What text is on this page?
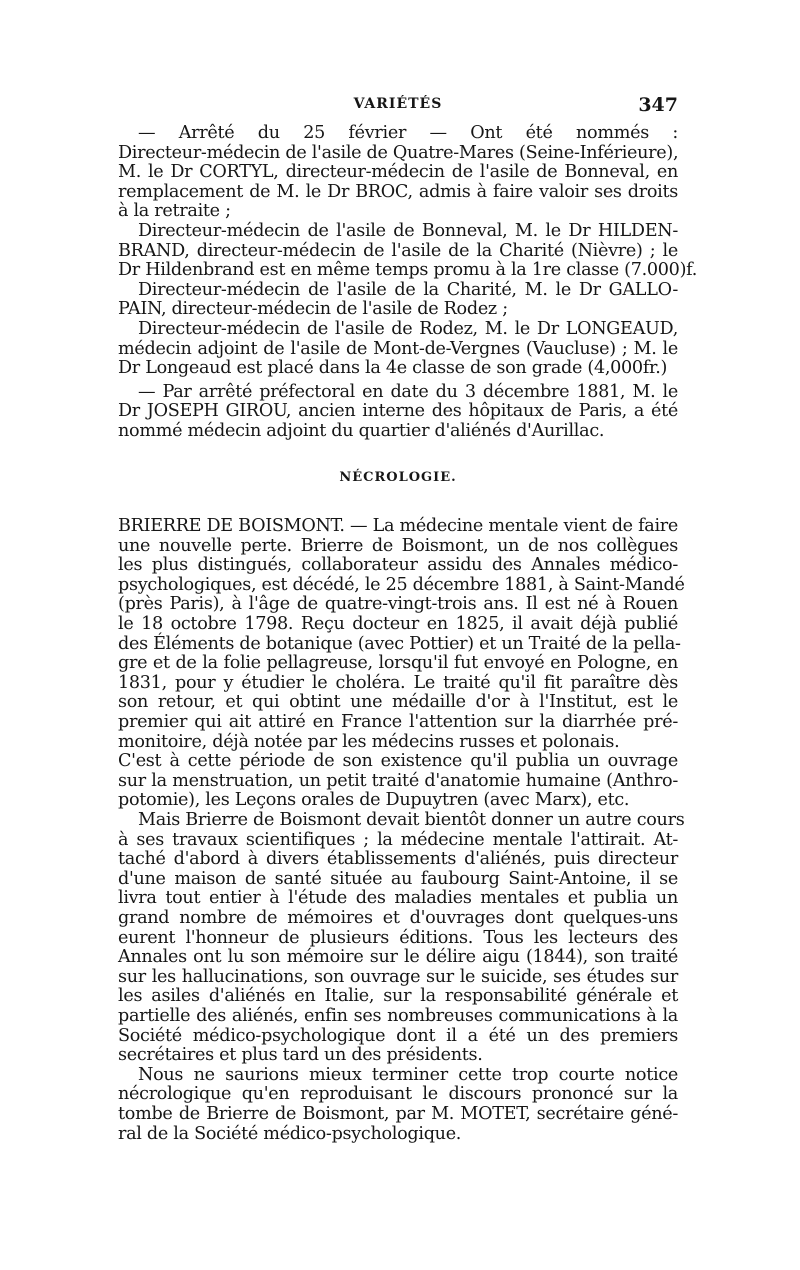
VARIÉTÉS	347
— Arrêté du 25 février — Ont été nommés :
Directeur-médecin de l'asile de Quatre-Mares (Seine-Inférieure),
M. le Dr CORTYL, directeur-médecin de l'asile de Bonneval, en
remplacement de M. le Dr BROC, admis à faire valoir ses droits
à la retraite ;
Directeur-médecin de l'asile de Bonneval, M. le Dr HILDEN-
BRAND, directeur-médecin de l'asile de la Charité (Nièvre) ; le
Dr Hildenbrand est en même temps promu à la 1re classe (7.000)f.
Directeur-médecin de l'asile de la Charité, M. le Dr GALLO-
PAIN, directeur-médecin de l'asile de Rodez ;
Directeur-médecin de l'asile de Rodez, M. le Dr LONGEAUD,
médecin adjoint de l'asile de Mont-de-Vergnes (Vaucluse) ; M. le
Dr Longeaud est placé dans la 4e classe de son grade (4,000fr.)
— Par arrêté préfectoral en date du 3 décembre 1881, M. le
Dr JOSEPH GIROU, ancien interne des hôpitaux de Paris, a été
nommé médecin adjoint du quartier d'aliénés d'Aurillac.
NÉCROLOGIE.
BRIERRE DE BOISMONT. — La médecine mentale vient de faire
une nouvelle perte. Brierre de Boismont, un de nos collègues
les plus distingués, collaborateur assidu des Annales médico-
psychologiques, est décédé, le 25 décembre 1881, à Saint-Mandé
(près Paris), à l'âge de quatre-vingt-trois ans. Il est né à Rouen
le 18 octobre 1798. Reçu docteur en 1825, il avait déjà publié
des Éléments de botanique (avec Pottier) et un Traité de la pella-
gre et de la folie pellagreuse, lorsqu'il fut envoyé en Pologne, en
1831, pour y étudier le choléra. Le traité qu'il fit paraître dès
son retour, et qui obtint une médaille d'or à l'Institut, est le
premier qui ait attiré en France l'attention sur la diarrhée pré-
monitoire, déjà notée par les médecins russes et polonais.
C'est à cette période de son existence qu'il publia un ouvrage
sur la menstruation, un petit traité d'anatomie humaine (Anthro-
potomie), les Leçons orales de Dupuytren (avec Marx), etc.
Mais Brierre de Boismont devait bientôt donner un autre cours
à ses travaux scientifiques ; la médecine mentale l'attirait. At-
taché d'abord à divers établissements d'aliénés, puis directeur
d'une maison de santé située au faubourg Saint-Antoine, il se
livra tout entier à l'étude des maladies mentales et publia un
grand nombre de mémoires et d'ouvrages dont quelques-uns
eurent l'honneur de plusieurs éditions. Tous les lecteurs des
Annales ont lu son mémoire sur le délire aigu (1844), son traité
sur les hallucinations, son ouvrage sur le suicide, ses études sur
les asiles d'aliénés en Italie, sur la responsabilité générale et
partielle des aliénés, enfin ses nombreuses communications à la
Société médico-psychologique dont il a été un des premiers
secrétaires et plus tard un des présidents.
Nous ne saurions mieux terminer cette trop courte notice
nécrologique qu'en reproduisant le discours prononcé sur la
tombe de Brierre de Boismont, par M. MOTET, secrétaire géné-
ral de la Société médico-psychologique.
